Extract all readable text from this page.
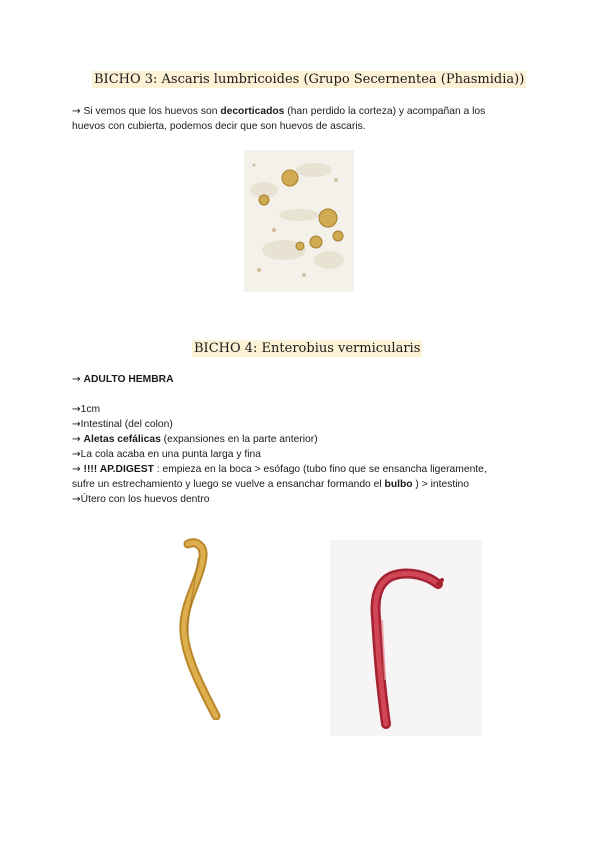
BICHO 3: Ascaris lumbricoides (Grupo Secernentea (Phasmidia))
→ Si vemos que los huevos son decorticados (han perdido la corteza) y acompañan a los
huevos con cubierta, podemos decir que son huevos de ascaris.
BICHO 4: Enterobius vermicularis
→ ADULTO HEMBRA
→1cm
→Intestinal (del colon)
→ Aletas cefálicas (expansiones en la parte anterior)
→La cola acaba en una punta larga y fina
→ !!!! AP.DIGEST : empieza en la boca > esófago (tubo fino que se ensancha ligeramente,
sufre un estrechamiento y luego se vuelve a ensanchar formando el bulbo ) > intestino
→Útero con los huevos dentro
